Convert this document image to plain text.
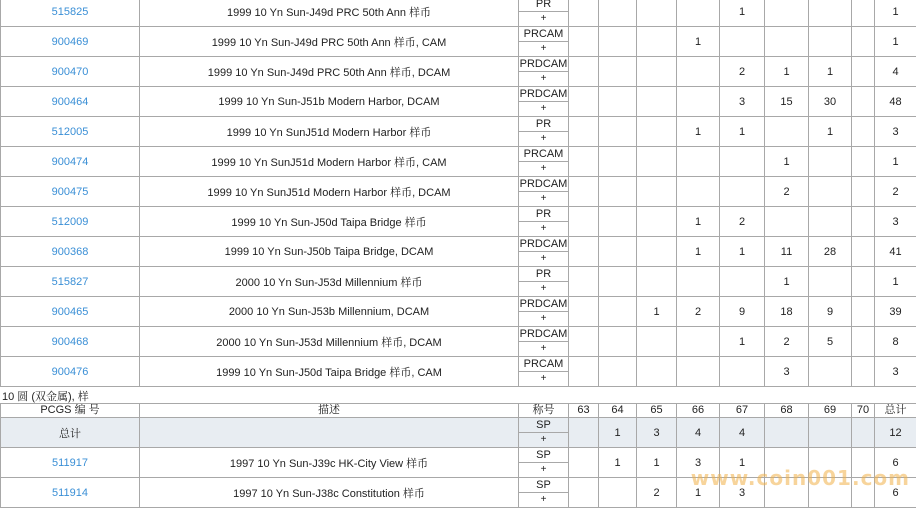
10 圆 (双金属), 样
515825	1999 10 Yn Sun-J49d PRC 50th Ann 样币	PR
+					1				1
900469	1999 10 Yn Sun-J49d PRC 50th Ann 样币, CAM	PRCAM
+				1					1
900470	1999 10 Yn Sun-J49d PRC 50th Ann 样币, DCAM	PRDCAM
+					2	1	1		4
900464	1999 10 Yn Sun-J51b Modern Harbor, DCAM	PRDCAM
+					3	15	30		48
512005	1999 10 Yn SunJ51d Modern Harbor 样币	PR
+				1	1		1		3
900474	1999 10 Yn SunJ51d Modern Harbor 样币, CAM	PRCAM
+						1			1
900475	1999 10 Yn SunJ51d Modern Harbor 样币, DCAM	PRDCAM
+						2			2
512009	1999 10 Yn Sun-J50d Taipa Bridge 样币	PR
+				1	2				3
900368	1999 10 Yn Sun-J50b Taipa Bridge, DCAM	PRDCAM
+				1	1	11	28		41
515827	2000 10 Yn Sun-J53d Millennium 样币	PR
+						1			1
900465	2000 10 Yn Sun-J53b Millennium, DCAM	PRDCAM
+			1	2	9	18	9		39
900468	2000 10 Yn Sun-J53d Millennium 样币, DCAM	PRDCAM
+					1	2	5		8
900476	1999 10 Yn Sun-J50d Taipa Bridge 样币, CAM	PRCAM
+						3			3
PCGS 编 号	描述	称号	63	64	65	66	67	68	69	70	总计
总计		SP
+		1	3	4	4				12
511917	1997 10 Yn Sun-J39c HK-City View 样币	SP
+		1	1	3	1				6
511914	1997 10 Yn Sun-J38c Constitution 样币	SP
+			2	1	3				6
www.coin001.com
